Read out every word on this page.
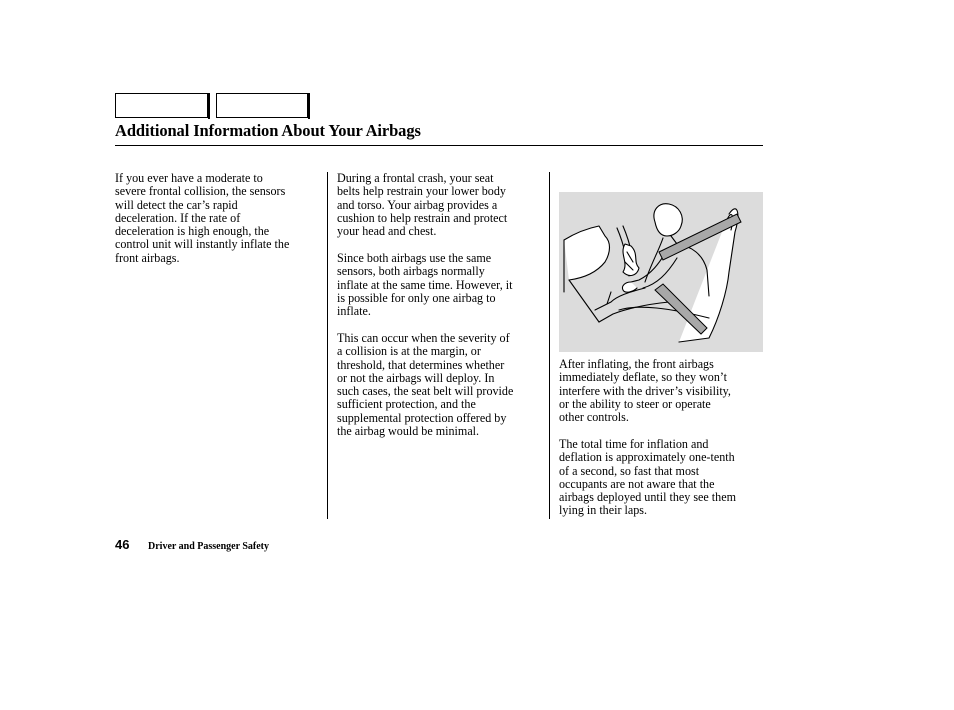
Additional Information About Your Airbags
If you ever have a moderate to
severe frontal collision, the sensors
will detect the car’s rapid
deceleration. If the rate of
deceleration is high enough, the
control unit will instantly inflate the
front airbags.
During a frontal crash, your seat
belts help restrain your lower body
and torso. Your airbag provides a
cushion to help restrain and protect
your head and chest.
Since both airbags use the same
sensors, both airbags normally
inflate at the same time. However, it
is possible for only one airbag to
inflate.
This can occur when the severity of
a collision is at the margin, or
threshold, that determines whether
or not the airbags will deploy. In
such cases, the seat belt will provide
sufficient protection, and the
supplemental protection offered by
the airbag would be minimal.
After inflating, the front airbags
immediately deflate, so they won’t
interfere with the driver’s visibility,
or the ability to steer or operate
other controls.
The total time for inflation and
deflation is approximately one-tenth
of a second, so fast that most
occupants are not aware that the
airbags deployed until they see them
lying in their laps.
46 Driver and Passenger Safety
